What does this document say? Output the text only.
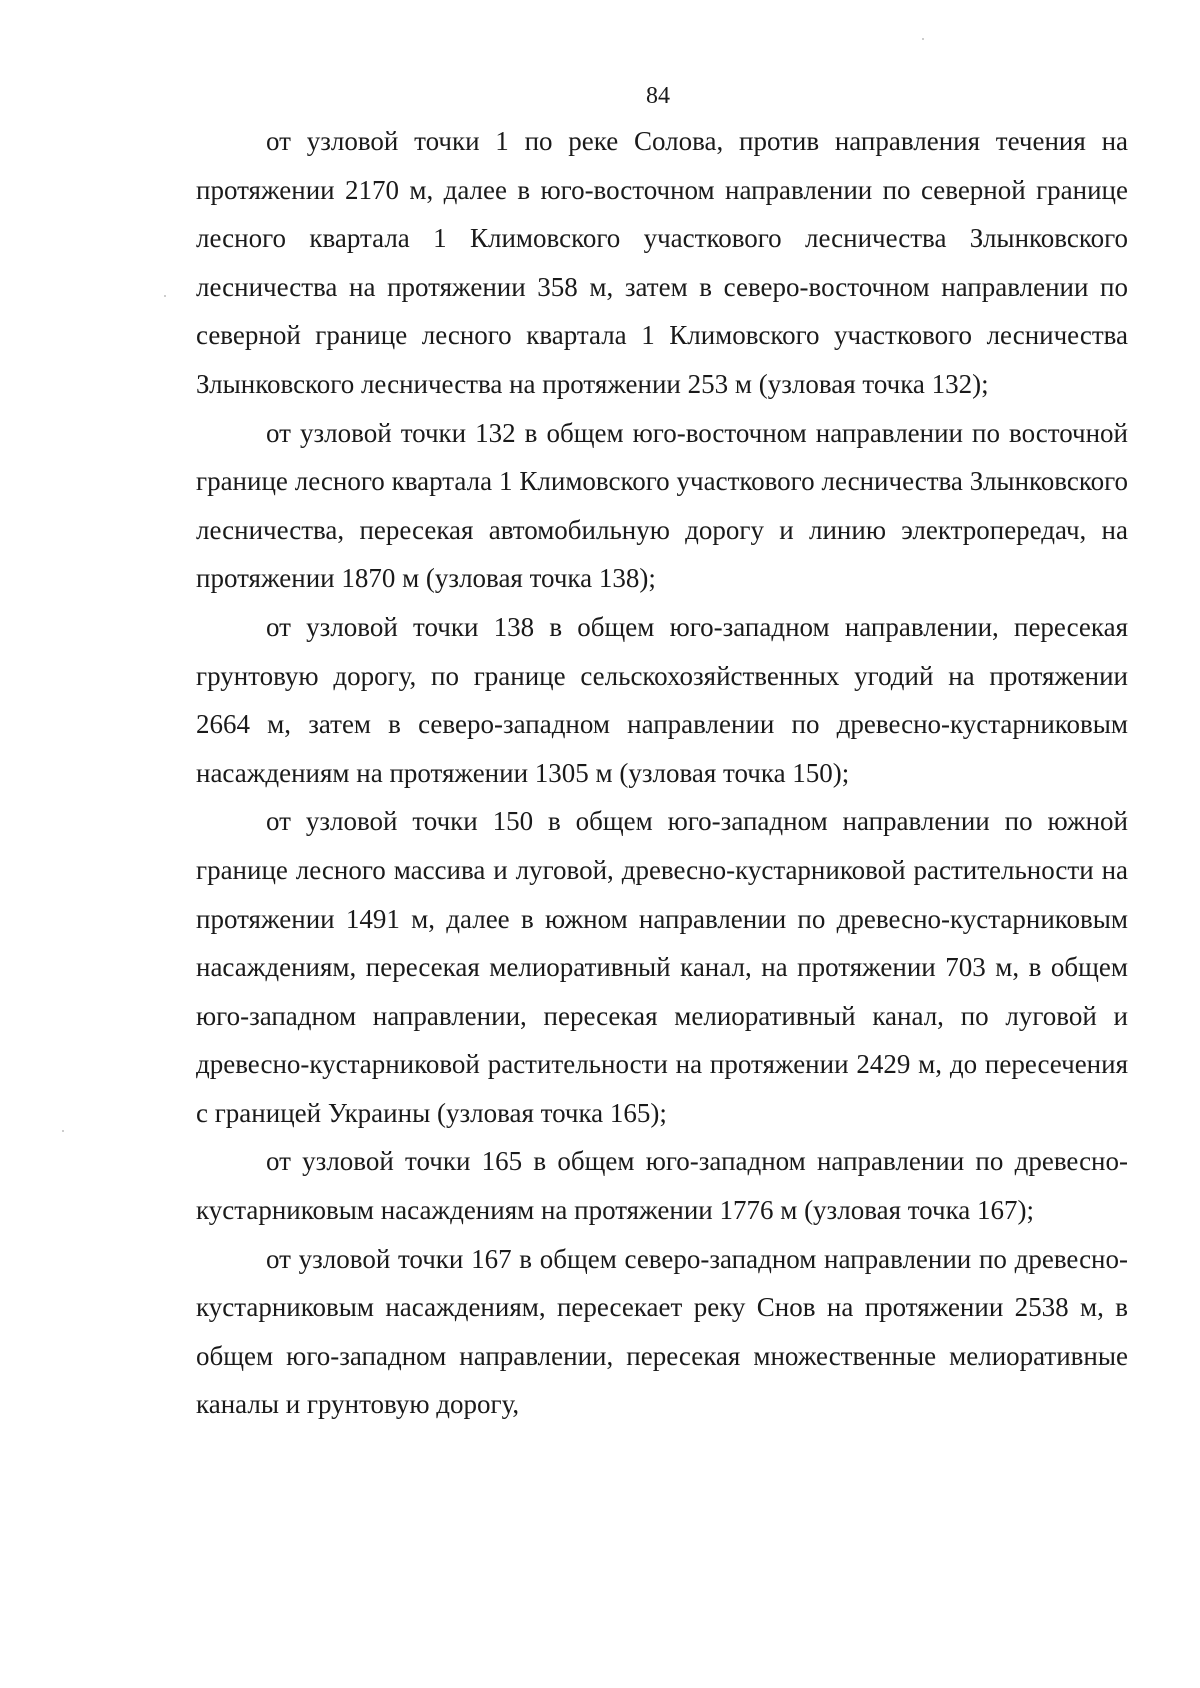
84

от узловой точки 1 по реке Солова, против направления течения на протяжении 2170 м, далее в юго-восточном направлении по северной границе лесного квартала 1 Климовского участкового лесничества Злынковского лесничества на протяжении 358 м, затем в северо-восточном направлении по северной границе лесного квартала 1 Климовского участкового лесничества Злынковского лесничества на протяжении 253 м (узловая точка 132);

от узловой точки 132 в общем юго-восточном направлении по восточной границе лесного квартала 1 Климовского участкового лесничества Злынковского лесничества, пересекая автомобильную дорогу и линию электропередач, на протяжении 1870 м (узловая точка 138);

от узловой точки 138 в общем юго-западном направлении, пересекая грунтовую дорогу, по границе сельскохозяйственных угодий на протяжении 2664 м, затем в северо-западном направлении по древесно-кустарниковым насаждениям на протяжении 1305 м (узловая точка 150);

от узловой точки 150 в общем юго-западном направлении по южной границе лесного массива и луговой, древесно-кустарниковой растительности на протяжении 1491 м, далее в южном направлении по древесно-кустарниковым насаждениям, пересекая мелиоративный канал, на протяжении 703 м, в общем юго-западном направлении, пересекая мелиоративный канал, по луговой и древесно-кустарниковой растительности на протяжении 2429 м, до пересечения с границей Украины (узловая точка 165);

от узловой точки 165 в общем юго-западном направлении по древесно-кустарниковым насаждениям на протяжении 1776 м (узловая точка 167);

от узловой точки 167 в общем северо-западном направлении по древесно-кустарниковым насаждениям, пересекает реку Снов на протяжении 2538 м, в общем юго-западном направлении, пересекая множественные мелиоративные каналы и грунтовую дорогу,
